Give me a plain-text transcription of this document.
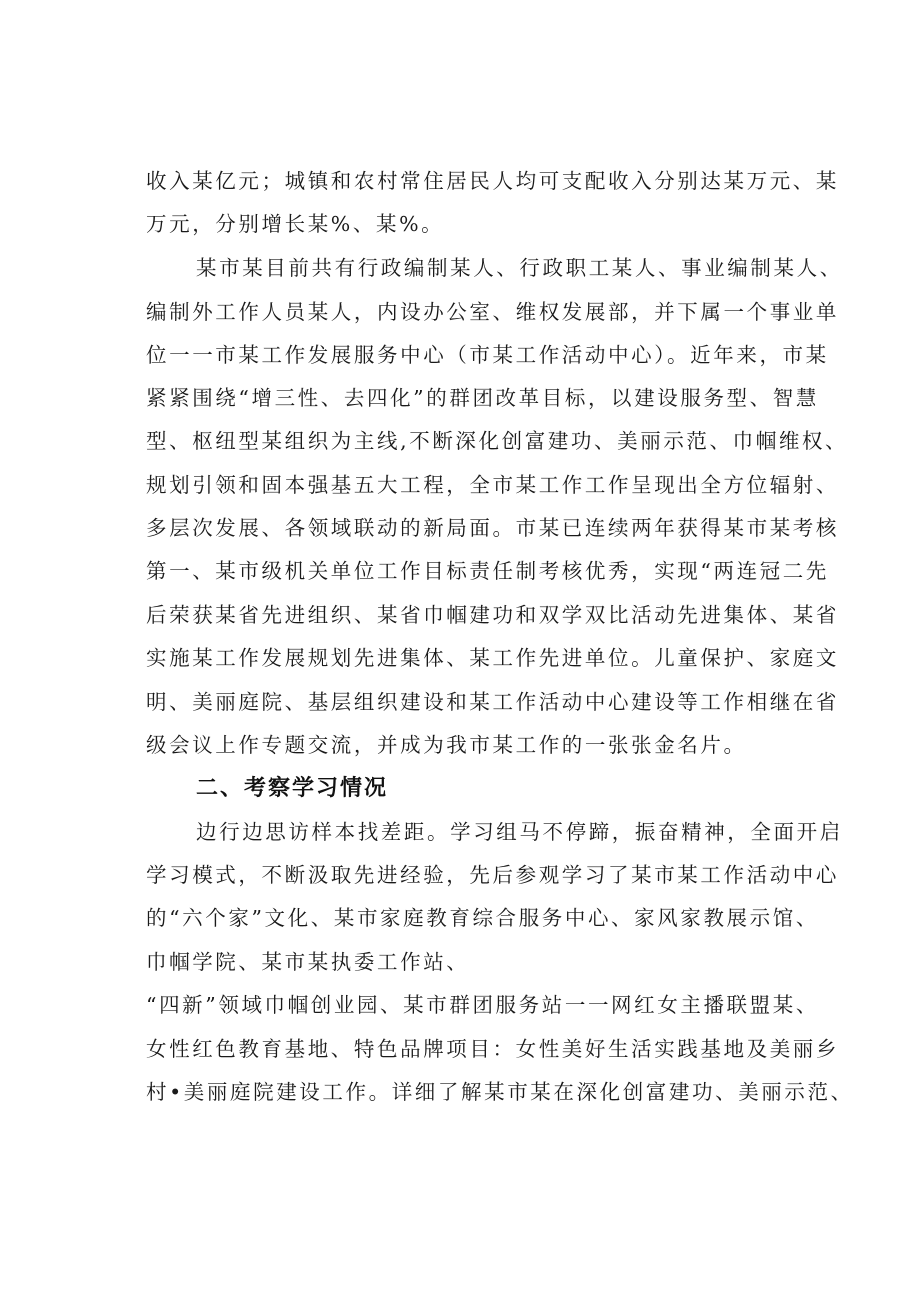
收入某亿元；城镇和农村常住居民人均可支配收入分别达某万元、某
万元，分别增长某%、某%。
某市某目前共有行政编制某人、行政职工某人、事业编制某人、
编制外工作人员某人，内设办公室、维权发展部，并下属一个事业单
位一一市某工作发展服务中心（市某工作活动中心）。近年来，市某
紧紧围绕“增三性、去四化”的群团改革目标，以建设服务型、智慧
型、枢纽型某组织为主线,不断深化创富建功、美丽示范、巾帼维权、
规划引领和固本强基五大工程，全市某工作工作呈现出全方位辐射、
多层次发展、各领域联动的新局面。市某已连续两年获得某市某考核
第一、某市级机关单位工作目标责任制考核优秀，实现“两连冠二先
后荣获某省先进组织、某省巾帼建功和双学双比活动先进集体、某省
实施某工作发展规划先进集体、某工作先进单位。儿童保护、家庭文
明、美丽庭院、基层组织建设和某工作活动中心建设等工作相继在省
级会议上作专题交流，并成为我市某工作的一张张金名片。
二、考察学习情况
边行边思访样本找差距。学习组马不停蹄，振奋精神，全面开启
学习模式，不断汲取先进经验，先后参观学习了某市某工作活动中心
的“六个家”文化、某市家庭教育综合服务中心、家风家教展示馆、
巾帼学院、某市某执委工作站、
“四新”领域巾帼创业园、某市群团服务站一一网红女主播联盟某、
女性红色教育基地、特色品牌项目：女性美好生活实践基地及美丽乡
村•美丽庭院建设工作。详细了解某市某在深化创富建功、美丽示范、
